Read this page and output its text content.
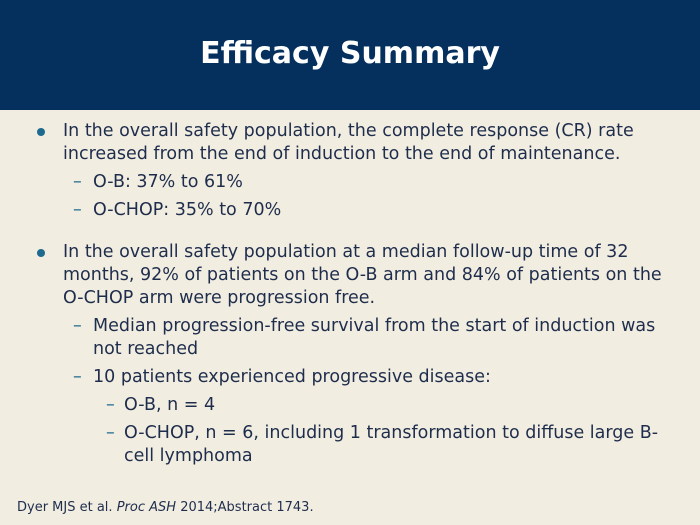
Efficacy Summary
In the overall safety population, the complete response (CR) rate increased from the end of induction to the end of maintenance.
– O-B: 37% to 61%
– O-CHOP: 35% to 70%
In the overall safety population at a median follow-up time of 32 months, 92% of patients on the O-B arm and 84% of patients on the O-CHOP arm were progression free.
– Median progression-free survival from the start of induction was not reached
– 10 patients experienced progressive disease:
– O-B, n = 4
– O-CHOP, n = 6, including 1 transformation to diffuse large B-cell lymphoma
Dyer MJS et al. Proc ASH 2014;Abstract 1743.
